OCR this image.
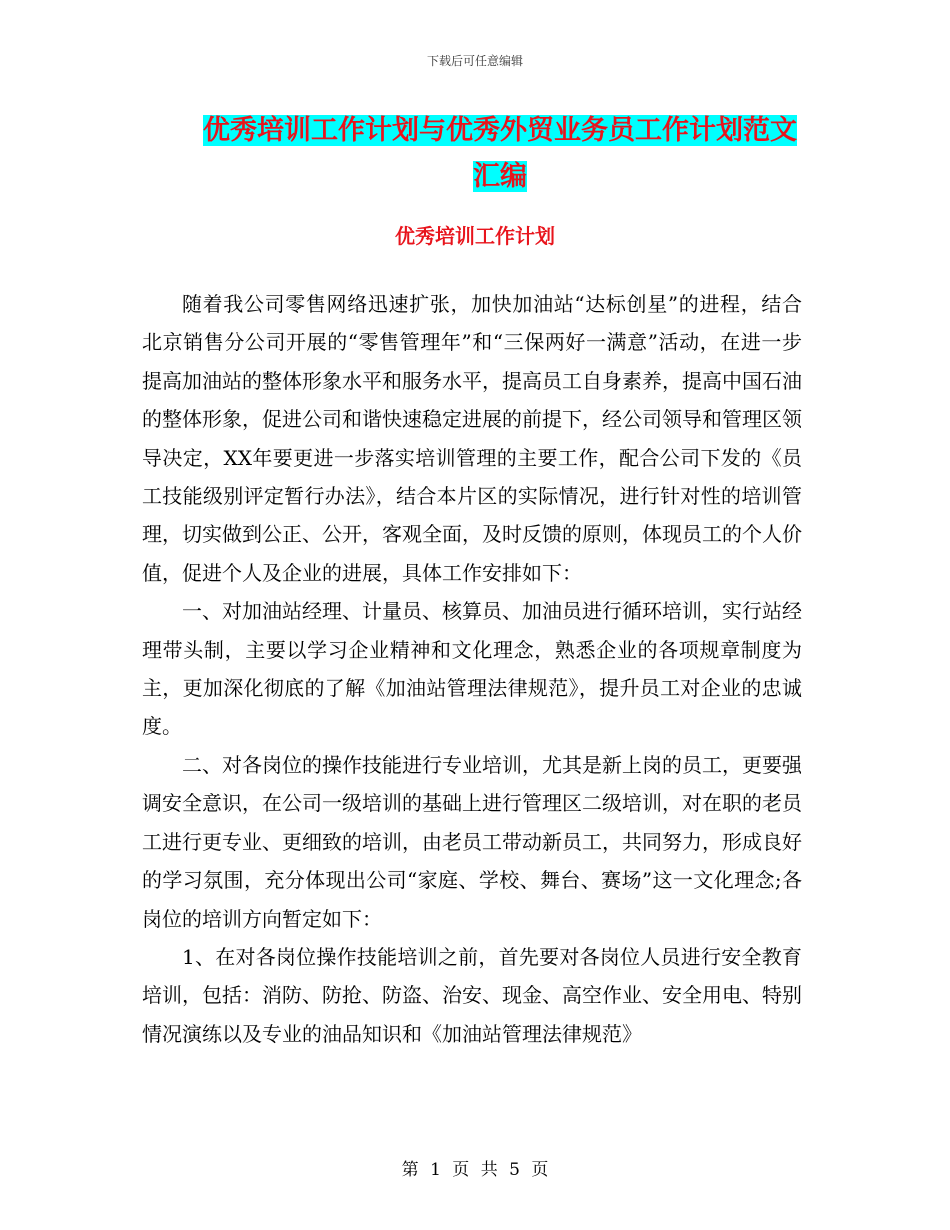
下载后可任意编辑
优秀培训工作计划与优秀外贸业务员工作计划范文汇编
优秀培训工作计划

随着我公司零售网络迅速扩张，加快加油站“达标创星”的进程，结合北京销售分公司开展的“零售管理年”和“三保两好一满意”活动，在进一步提高加油站的整体形象水平和服务水平，提高员工自身素养，提高中国石油的整体形象，促进公司和谐快速稳定进展的前提下，经公司领导和管理区领导决定，XX年要更进一步落实培训管理的主要工作，配合公司下发的《员工技能级别评定暂行办法》，结合本片区的实际情况，进行针对性的培训管理，切实做到公正、公开，客观全面，及时反馈的原则，体现员工的个人价值，促进个人及企业的进展，具体工作安排如下：

一、对加油站经理、计量员、核算员、加油员进行循环培训，实行站经理带头制，主要以学习企业精神和文化理念，熟悉企业的各项规章制度为主，更加深化彻底的了解《加油站管理法律规范》，提升员工对企业的忠诚度。

二、对各岗位的操作技能进行专业培训，尤其是新上岗的员工，更要强调安全意识，在公司一级培训的基础上进行管理区二级培训，对在职的老员工进行更专业、更细致的培训，由老员工带动新员工，共同努力，形成良好的学习氛围，充分体现出公司“家庭、学校、舞台、赛场”这一文化理念;各岗位的培训方向暂定如下：

1、在对各岗位操作技能培训之前，首先要对各岗位人员进行安全教育培训，包括：消防、防抢、防盗、治安、现金、高空作业、安全用电、特别情况演练以及专业的油品知识和《加油站管理法律规范》

第 1 页 共 5 页
